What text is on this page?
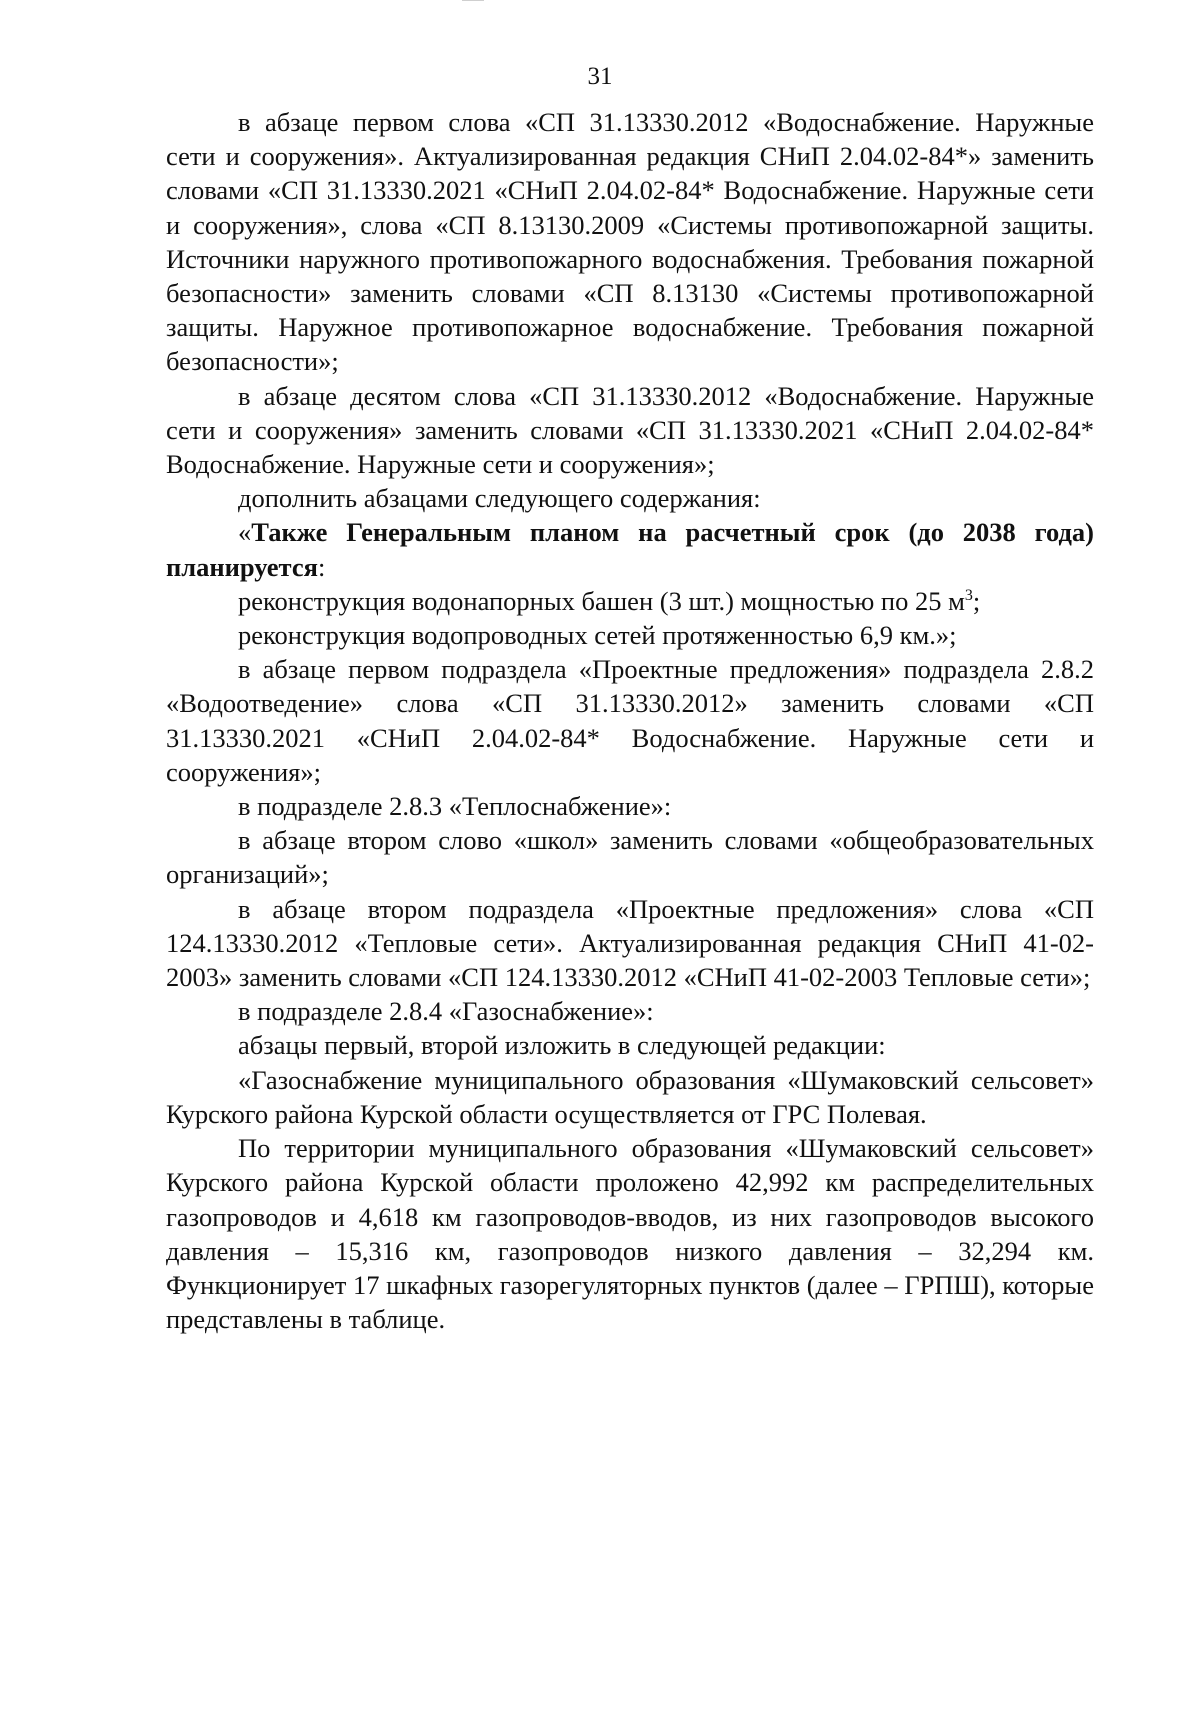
31

в абзаце первом слова «СП 31.13330.2012 «Водоснабжение. Наружные сети и сооружения». Актуализированная редакция СНиП 2.04.02-84*» заменить словами «СП 31.13330.2021 «СНиП 2.04.02-84* Водоснабжение. Наружные сети и сооружения», слова «СП 8.13130.2009 «Системы противопожарной защиты. Источники наружного противопожарного водоснабжения. Требования пожарной безопасности» заменить словами «СП 8.13130 «Системы противопожарной защиты. Наружное противопожарное водоснабжение. Требования пожарной безопасности»;

в абзаце десятом слова «СП 31.13330.2012 «Водоснабжение. Наружные сети и сооружения» заменить словами «СП 31.13330.2021 «СНиП 2.04.02-84* Водоснабжение. Наружные сети и сооружения»;

дополнить абзацами следующего содержания:

«Также Генеральным планом на расчетный срок (до 2038 года) планируется:

реконструкция водонапорных башен (3 шт.) мощностью по 25 $м^3$;

реконструкция водопроводных сетей протяженностью 6,9 км.»;

в абзаце первом подраздела «Проектные предложения» подраздела 2.8.2 «Водоотведение» слова «СП 31.13330.2012» заменить словами «СП 31.13330.2021 «СНиП 2.04.02-84* Водоснабжение. Наружные сети и сооружения»;

в подразделе 2.8.3 «Теплоснабжение»:

в абзаце втором слово «школ» заменить словами «общеобразовательных организаций»;

в абзаце втором подраздела «Проектные предложения» слова «СП 124.13330.2012 «Тепловые сети». Актуализированная редакция СНиП 41-02-2003» заменить словами «СП 124.13330.2012 «СНиП 41-02-2003 Тепловые сети»;

в подразделе 2.8.4 «Газоснабжение»:

абзацы первый, второй изложить в следующей редакции:

«Газоснабжение муниципального образования «Шумаковский сельсовет» Курского района Курской области осуществляется от ГРС Полевая.

По территории муниципального образования «Шумаковский сельсовет» Курского района Курской области проложено 42,992 км распределительных газопроводов и 4,618 км газопроводов-вводов, из них газопроводов высокого давления – 15,316 км, газопроводов низкого давления – 32,294 км. Функционирует 17 шкафных газорегуляторных пунктов (далее – ГРПШ), которые представлены в таблице.
